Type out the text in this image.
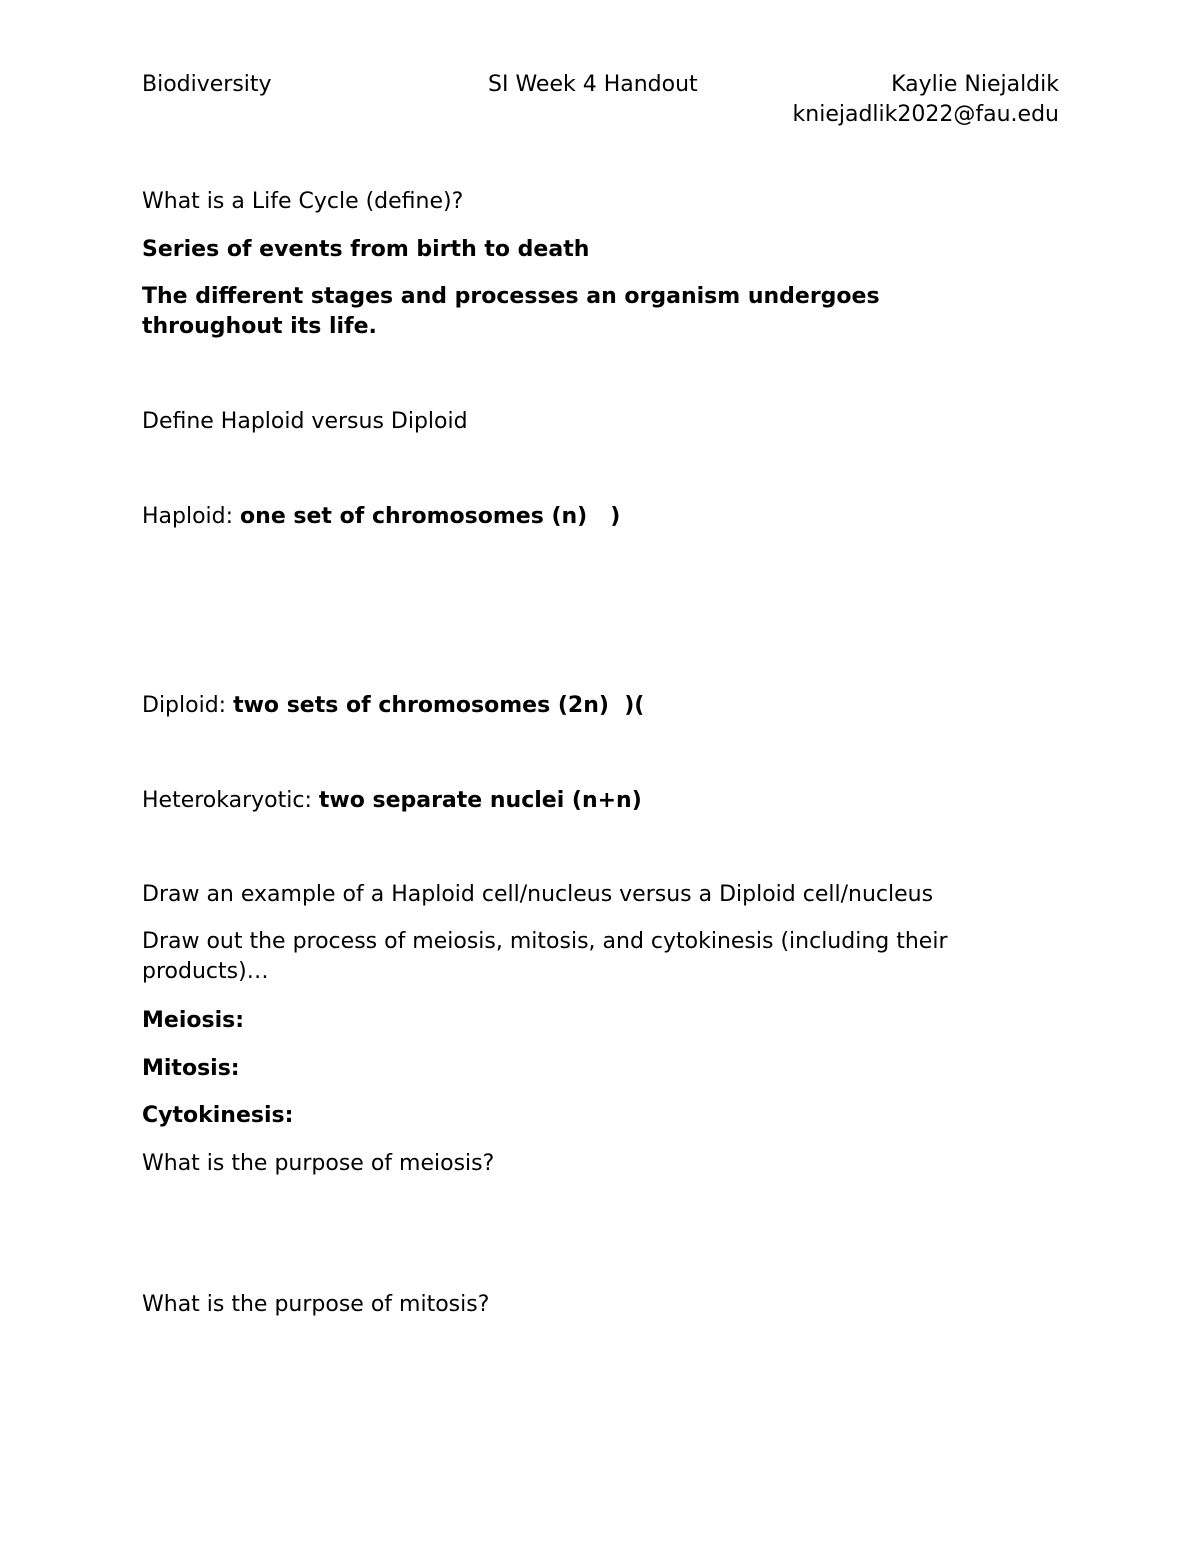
Biodiversity	SI Week 4 Handout	Kaylie Niejaldik
kniejadlik2022@fau.edu

What is a Life Cycle (define)?

Series of events from birth to death

The different stages and processes an organism undergoes throughout its life.

Define Haploid versus Diploid

Haploid: one set of chromosomes (n)   )

Diploid: two sets of chromosomes (2n)  )(

Heterokaryotic: two separate nuclei (n+n)

Draw an example of a Haploid cell/nucleus versus a Diploid cell/nucleus

Draw out the process of meiosis, mitosis, and cytokinesis (including their products)…

Meiosis:

Mitosis:

Cytokinesis:

What is the purpose of meiosis?

What is the purpose of mitosis?
